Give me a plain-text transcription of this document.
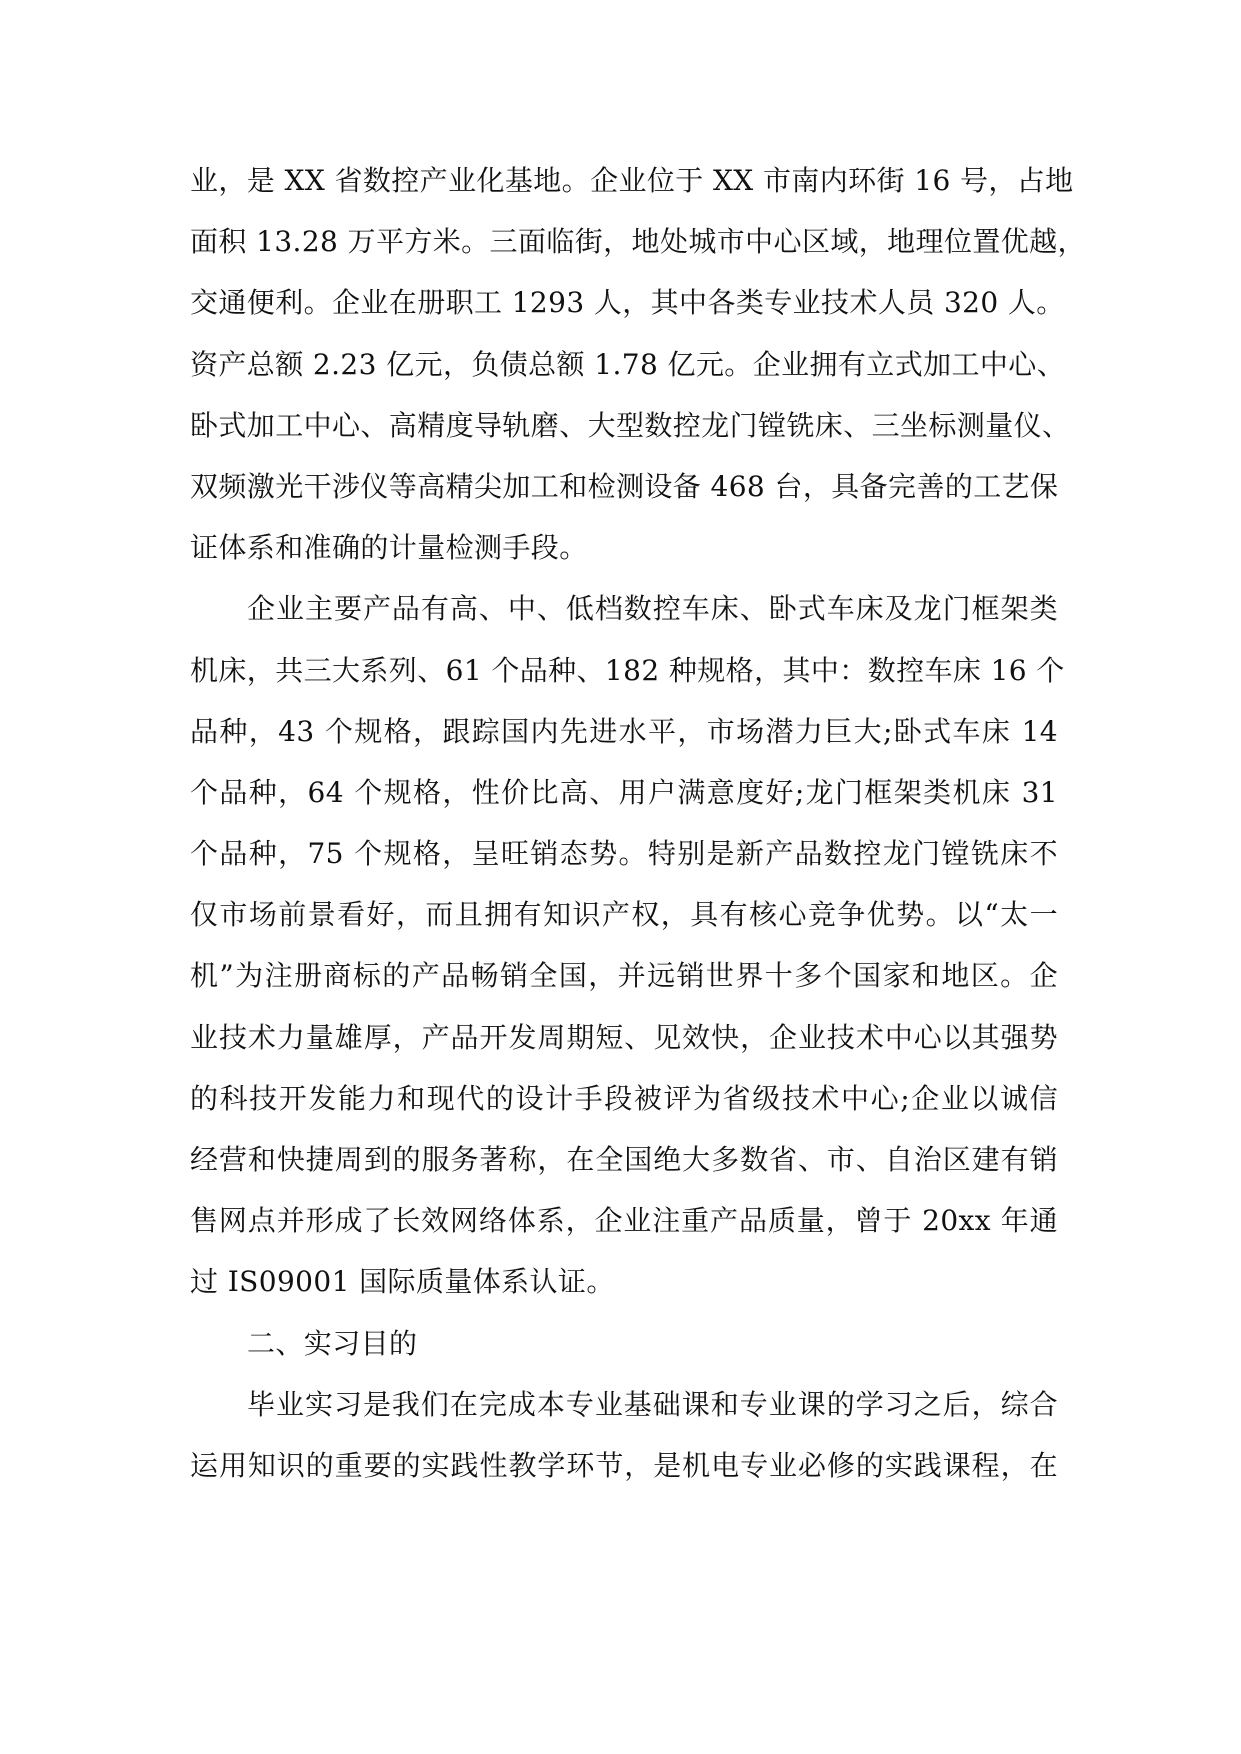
业，是 XX 省数控产业化基地。企业位于 XX 市南内环街 16 号，占地
面积 13.28 万平方米。三面临街，地处城市中心区域，地理位置优越，
交通便利。企业在册职工 1293 人，其中各类专业技术人员 320 人。
资产总额 2.23 亿元，负债总额 1.78 亿元。企业拥有立式加工中心、
卧式加工中心、高精度导轨磨、大型数控龙门镗铣床、三坐标测量仪、
双频激光干涉仪等高精尖加工和检测设备 468 台，具备完善的工艺保
证体系和准确的计量检测手段。
企业主要产品有高、中、低档数控车床、卧式车床及龙门框架类
机床，共三大系列、61 个品种、182 种规格，其中：数控车床 16 个
品种，43 个规格，跟踪国内先进水平，市场潜力巨大;卧式车床 14
个品种，64 个规格，性价比高、用户满意度好;龙门框架类机床 31
个品种，75 个规格，呈旺销态势。特别是新产品数控龙门镗铣床不
仅市场前景看好，而且拥有知识产权，具有核心竞争优势。以“太一
机”为注册商标的产品畅销全国，并远销世界十多个国家和地区。企
业技术力量雄厚，产品开发周期短、见效快，企业技术中心以其强势
的科技开发能力和现代的设计手段被评为省级技术中心;企业以诚信
经营和快捷周到的服务著称，在全国绝大多数省、市、自治区建有销
售网点并形成了长效网络体系，企业注重产品质量，曾于 20xx 年通
过 IS09001 国际质量体系认证。
二、实习目的
毕业实习是我们在完成本专业基础课和专业课的学习之后，综合
运用知识的重要的实践性教学环节，是机电专业必修的实践课程，在
